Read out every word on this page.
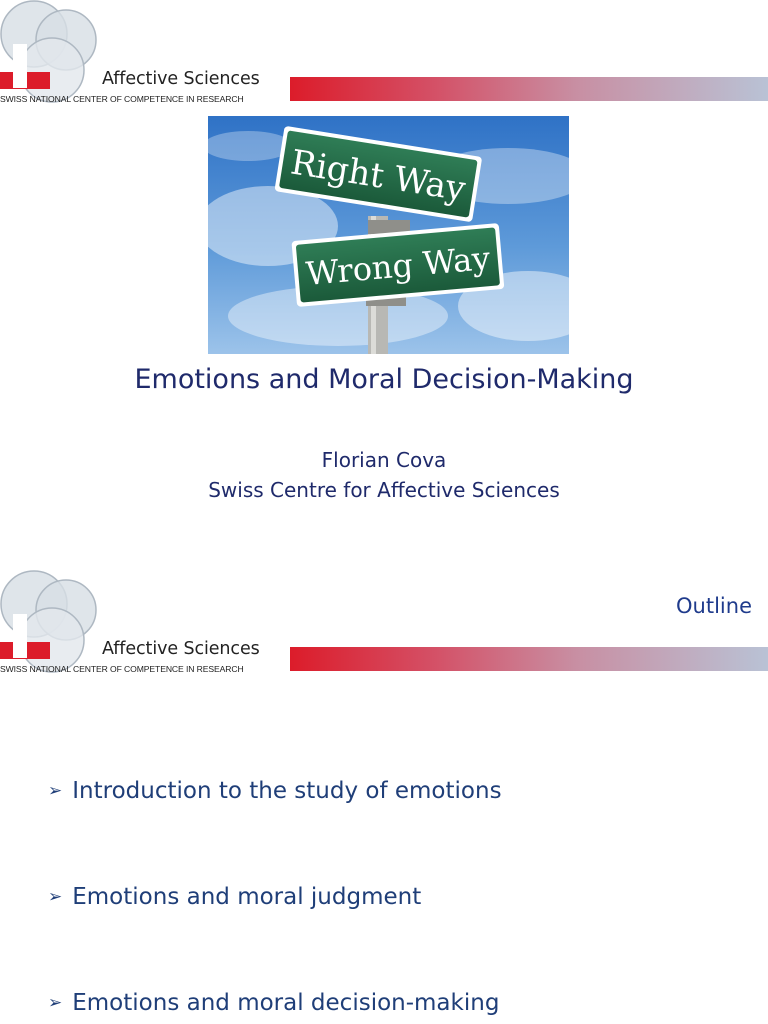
Affective Sciences
SWISS NATIONAL CENTER OF COMPETENCE IN RESEARCH
Right Way
Wrong Way
Emotions and Moral Decision-Making
Florian Cova
Swiss Centre for Affective Sciences
Affective Sciences
SWISS NATIONAL CENTER OF COMPETENCE IN RESEARCH
Outline
➢ Introduction to the study of emotions
➢ Emotions and moral judgment
➢ Emotions and moral decision-making
